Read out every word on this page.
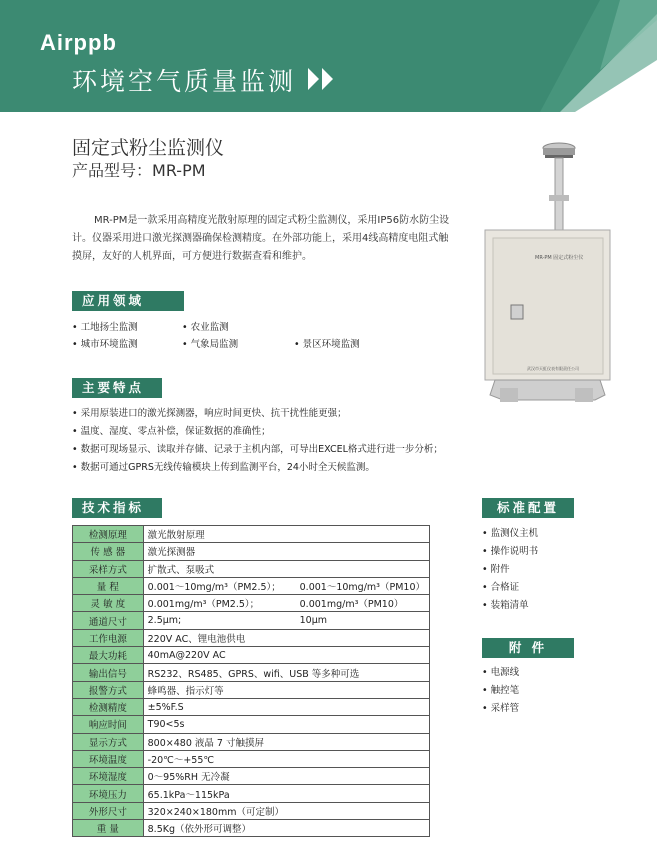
Airppb
环境空气质量监测
固定式粉尘监测仪
产品型号：MR-PM
MR-PM是一款采用高精度光散射原理的固定式粉尘监测仪，采用IP56防水防尘设计。仪器采用进口激光探测器确保检测精度。在外部功能上，采用4线高精度电阻式触摸屏，友好的人机界面，可方便进行数据查看和维护。	MR-PM 固定式粉尘仪
武汉市天虹仪表有限责任公司
应用领域
• 工地扬尘监测	• 农业监测
• 城市环境监测	• 气象局监测	• 景区环境监测
主要特点
• 采用原装进口的激光探测器，响应时间更快、抗干扰性能更强；
• 温度、湿度、零点补偿，保证数据的准确性；
• 数据可现场显示、读取并存储、记录于主机内部，可导出EXCEL格式进行进一步分析；
• 数据可通过GPRS无线传输模块上传到监测平台，24小时全天候监测。
技术指标
检测原理	激光散射原理
传 感 器	激光探测器
采样方式	扩散式、泵吸式
量 程	0.001～10mg/m³（PM2.5）； 0.001～10mg/m³（PM10）
灵 敏 度	0.001mg/m³（PM2.5）； 0.001mg/m³（PM10）
通道尺寸	2.5μm; 10μm
工作电源	220V AC、锂电池供电
最大功耗	40mA@220V AC
输出信号	RS232、RS485、GPRS、wifi、USB 等多种可选
报警方式	蜂鸣器、指示灯等
检测精度	±5%F.S
响应时间	T90<5s
显示方式	800×480 液晶 7 寸触摸屏
环境温度	-20℃～+55℃
环境湿度	0～95%RH 无冷凝
环境压力	65.1kPa～115kPa
外形尺寸	320×240×180mm（可定制）
重 量	8.5Kg（依外形可调整）
标准配置
• 监测仪主机
• 操作说明书
• 附件
• 合格证
• 装箱清单
附 件
• 电源线
• 触控笔
• 采样管
